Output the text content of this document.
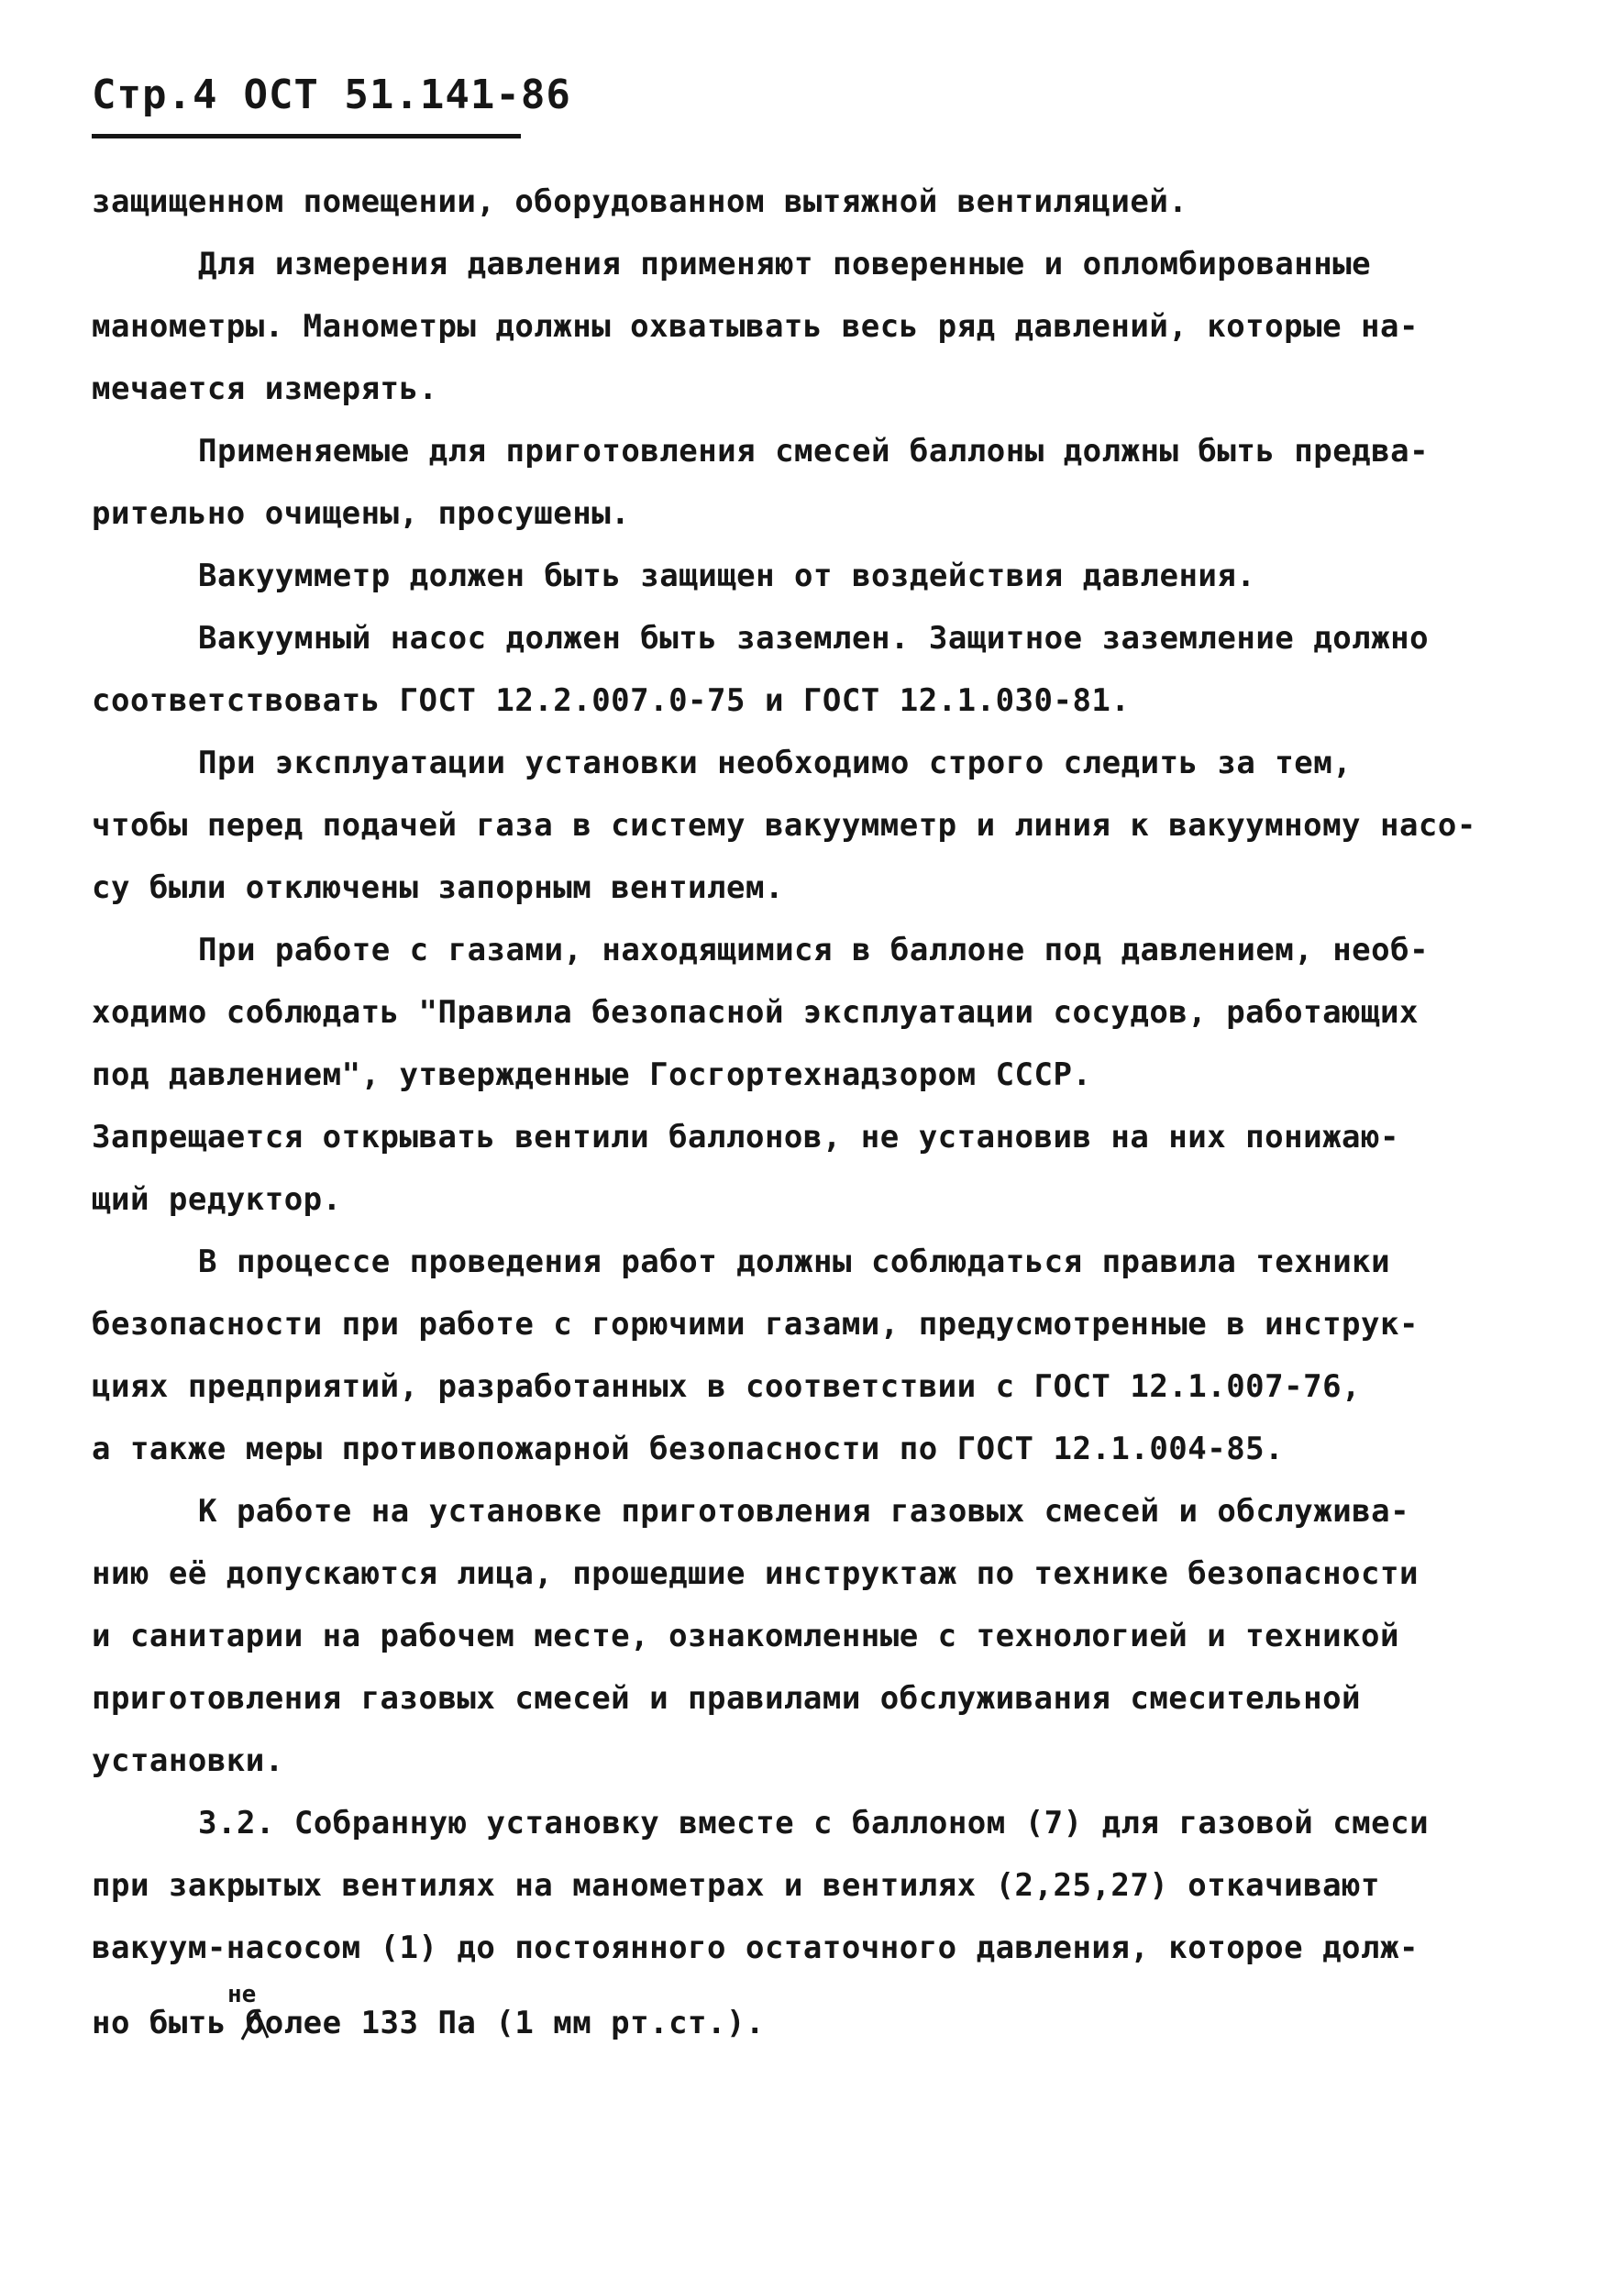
Стр.4 ОСТ 51.141-86
защищенном помещении, оборудованном вытяжной вентиляцией.
Для измерения давления применяют поверенные и опломбированные
манометры. Манометры должны охватывать весь ряд давлений, которые на-
мечается измерять.
Применяемые для приготовления смесей баллоны должны быть предва-
рительно очищены, просушены.
Вакуумметр должен быть защищен от воздействия давления.
Вакуумный насос должен быть заземлен. Защитное заземление должно
соответствовать ГОСТ 12.2.007.0-75 и ГОСТ 12.1.030-81.
При эксплуатации установки необходимо строго следить за тем,
чтобы перед подачей газа в систему вакуумметр и линия к вакуумному насо-
су были отключены запорным вентилем.
При работе с газами, находящимися в баллоне под давлением, необ-
ходимо соблюдать "Правила безопасной эксплуатации сосудов, работающих
под давлением", утвержденные Госгортехнадзором СССР.
Запрещается открывать вентили баллонов, не установив на них понижаю-
щий редуктор.
В процессе проведения работ должны соблюдаться правила техники
безопасности при работе с горючими газами, предусмотренные в инструк-
циях предприятий, разработанных в соответствии с ГОСТ 12.1.007-76,
а также меры противопожарной безопасности по ГОСТ 12.1.004-85.
К работе на установке приготовления газовых смесей и обслужива-
нию её допускаются лица, прошедшие инструктаж по технике безопасности
и санитарии на рабочем месте, ознакомленные с технологией и техникой
приготовления газовых смесей и правилами обслуживания смесительной
установки.
3.2. Собранную установку вместе с баллоном (7) для газовой смеси
при закрытых вентилях на манометрах и вентилях (2,25,27) откачивают
вакуум-насосом (1) до постоянного остаточного давления, которое долж-
но быть более 133 Па (1 мм рт.ст.).
не
